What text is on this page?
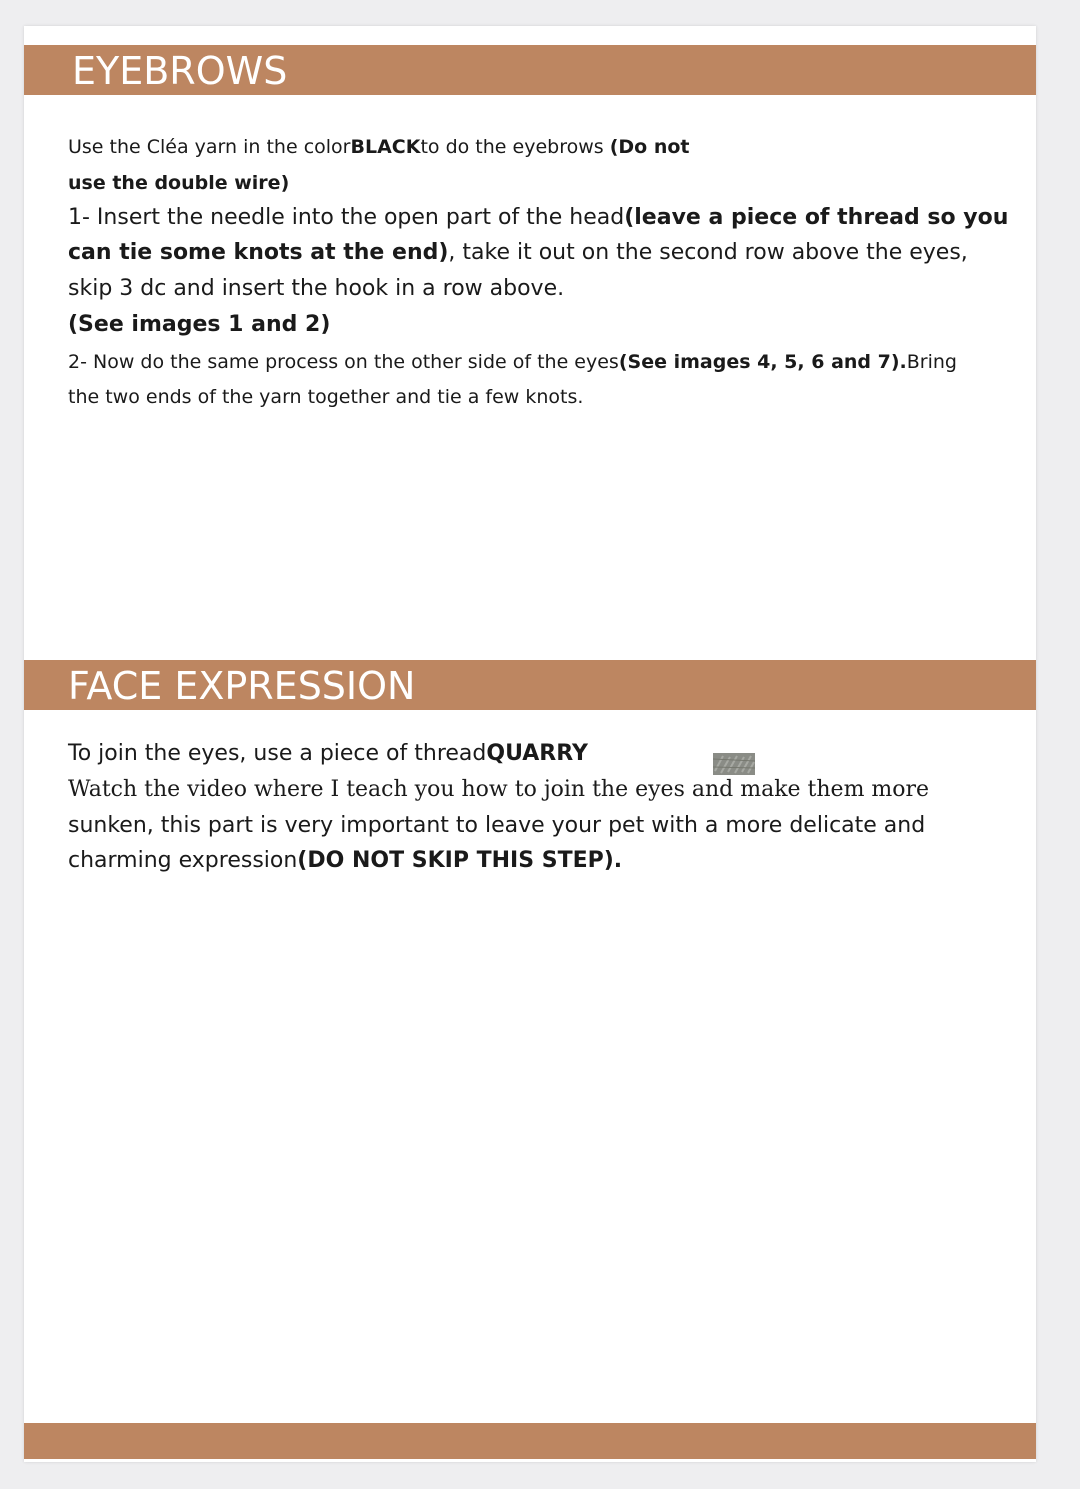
EYEBROWS
Use the Cléa yarn in the colorBLACKto do the eyebrows (Do not
use the double wire)
1- Insert the needle into the open part of the head(leave a piece of thread so you
can tie some knots at the end), take it out on the second row above the eyes,
skip 3 dc and insert the hook in a row above.
(See images 1 and 2)
2- Now do the same process on the other side of the eyes(See images 4, 5, 6 and 7).Bring
the two ends of the yarn together and tie a few knots.
FACE EXPRESSION
To join the eyes, use a piece of threadQUARRY
Watch the video where I teach you how to join the eyes and make them more
sunken, this part is very important to leave your pet with a more delicate and
charming expression(DO NOT SKIP THIS STEP).
